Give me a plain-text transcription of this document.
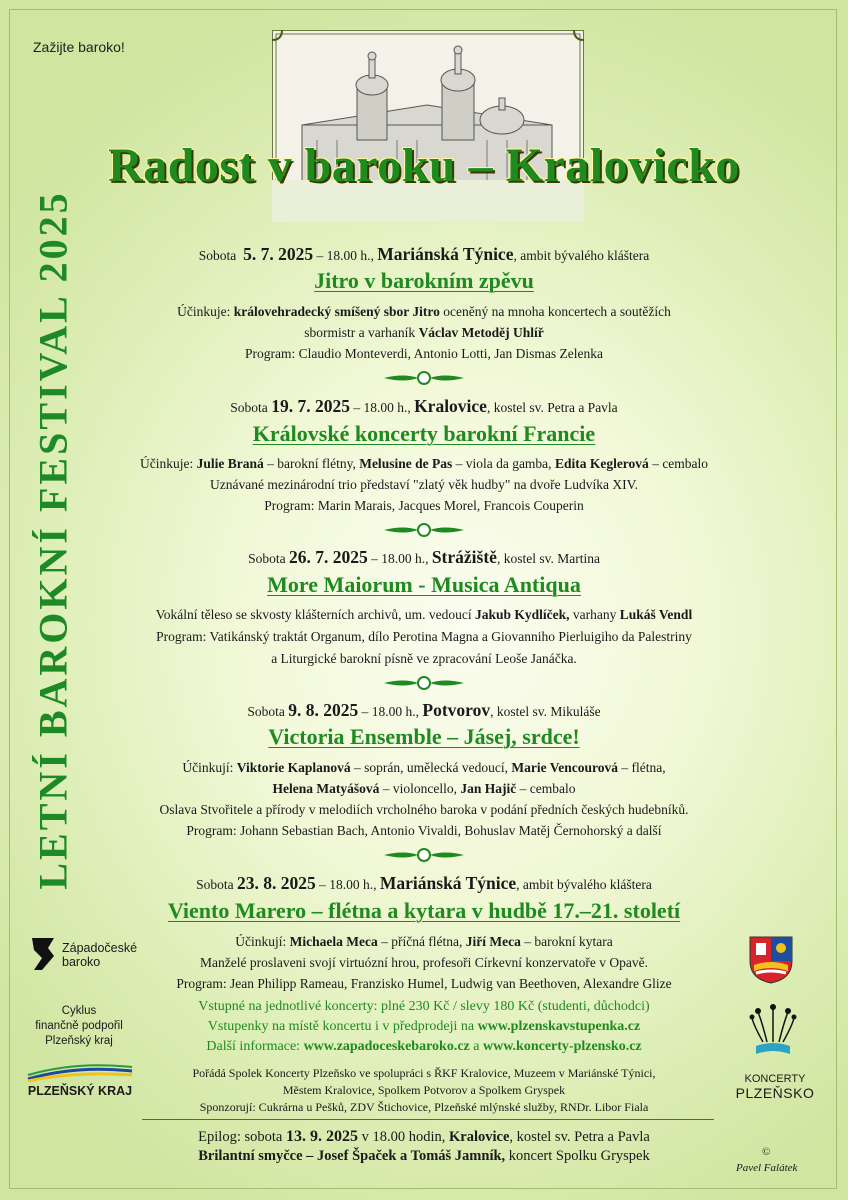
Zažijte baroko!
LETNÍ BAROKNÍ FESTIVAL 2025
Radost v baroku – Kralovicko
Sobota 5. 7. 2025 – 18.00 h., Mariánská Týnice, ambit bývalého kláštera
Jitro v barokním zpěvu
Účinkuje: královehradecký smíšený sbor Jitro oceněný na mnoha koncertech a soutěžích
sbormistr a varhaník Václav Metoděj Uhlíř
Program: Claudio Monteverdi, Antonio Lotti, Jan Dismas Zelenka
Sobota 19. 7. 2025 – 18.00 h., Kralovice, kostel sv. Petra a Pavla
Královské koncerty barokní Francie
Účinkuje: Julie Braná – barokní flétny, Melusine de Pas – viola da gamba, Edita Keglerová – cembalo
Uznávané mezinárodní trio představí "zlatý věk hudby" na dvoře Ludvíka XIV.
Program: Marin Marais, Jacques Morel, Francois Couperin
Sobota 26. 7. 2025 – 18.00 h., Strážiště, kostel sv. Martina
More Maiorum - Musica Antiqua
Vokální těleso se skvosty klášterních archivů, um. vedoucí Jakub Kydlíček, varhany Lukáš Vendl
Program: Vatikánský traktát Organum, dílo Perotina Magna a Giovanniho Pierluigiho da Palestriny
a Liturgické barokní písně ve zpracování Leoše Janáčka.
Sobota 9. 8. 2025 – 18.00 h., Potvorov, kostel sv. Mikuláše
Victoria Ensemble – Jásej, srdce!
Účinkují: Viktorie Kaplanová – soprán, umělecká vedoucí, Marie Vencourová – flétna,
Helena Matyášová – violoncello, Jan Hajič – cembalo
Oslava Stvořitele a přírody v melodiích vrcholného baroka v podání předních českých hudebníků.
Program: Johann Sebastian Bach, Antonio Vivaldi, Bohuslav Matěj Černohorský a další
Sobota 23. 8. 2025 – 18.00 h., Mariánská Týnice, ambit bývalého kláštera
Viento Marero – flétna a kytara v hudbě 17.–21. století
Účinkují: Michaela Meca – příčná flétna, Jiří Meca – barokní kytara
Manželé proslaveni svojí virtuózní hrou, profesoři Církevní konzervatoře v Opavě.
Program: Jean Philipp Rameau, Franzisko Humel, Ludwig van Beethoven, Alexandre Glize
Vstupné na jednotlivé koncerty: plné 230 Kč / slevy 180 Kč (studenti, důchodci)
Vstupenky na místě koncertu i v předprodeji na www.plzenskavstupenka.cz
Další informace: www.zapadoceskebaroko.cz a www.koncerty-plzensko.cz
Pořádá Spolek Koncerty Plzeňsko ve spolupráci s ŘKF Kralovice, Muzeem v Mariánské Týnici,
Městem Kralovice, Spolkem Potvorov a Spolkem Gryspek
Sponzorují: Cukrárna u Pešků, ZDV Štichovice, Plzeňské mlýnské služby, RNDr. Libor Fiala
Epilog: sobota 13. 9. 2025 v 18.00 hodin, Kralovice, kostel sv. Petra a Pavla
Brilantní smyčce – Josef Špaček a Tomáš Jamník, koncert Spolku Gryspek
Západočeské
baroko
Cyklus
finančně podpořil
Plzeňský kraj
PLZEŇSKÝ KRAJ
KONCERTY
PLZEŇSKO
©
Pavel Falátek
